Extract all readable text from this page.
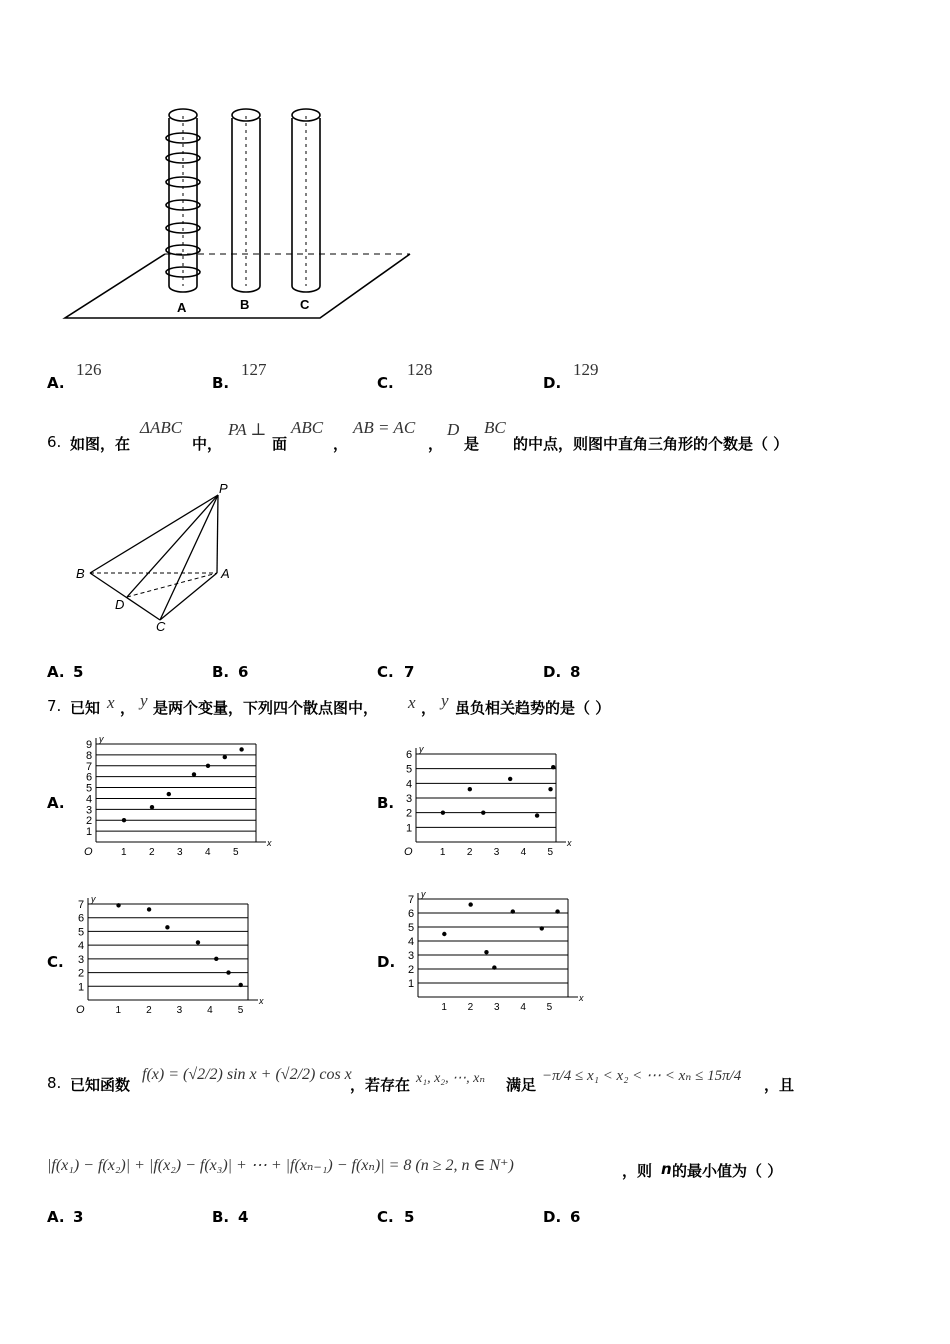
A	B	C
A.
126
B.
127
C.
128
D.
129
6. 如图，在
ΔABC
中，
PA ⊥
面
ABC
，
AB = AC
，
D
是
BC
的中点，则图中直角三角形的个数是（ ）
P
B	A
D
C
A. 5	B. 6	C. 7	D. 8
7. 已知 x ， y 是两个变量，下列四个散点图中， x ， y 虽负相关趋势的是（ ）
A.	B.
C.	D.
1
2
3
4
5
6
7
8
9
x
y
O	1 2 3 4 5
1
2
3
4
5
6
x
y
O	1 2 3 4 5
1
2
3
4
5
6
7
x
y
O	1 2 3 4 5
1
2
3
4
5
6
7
x
y
1 2 3 4 5
8. 已知函数
f(x) = (√2/2) sin x + (√2/2) cos x
，若存在 x₁, x₂, ⋯, xₙ 满足 −π/4 ≤ x₁ < x₂ < ⋯ < xₙ ≤ 15π/4 ，且
|f(x₁) − f(x₂)| + |f(x₂) − f(x₃)| + ⋯ + |f(xₙ₋₁) − f(xₙ)| = 8 (n ≥ 2, n ∈ N⁺)	，则 n 的最小值为（ ）
A. 3	B. 4	C. 5	D. 6
